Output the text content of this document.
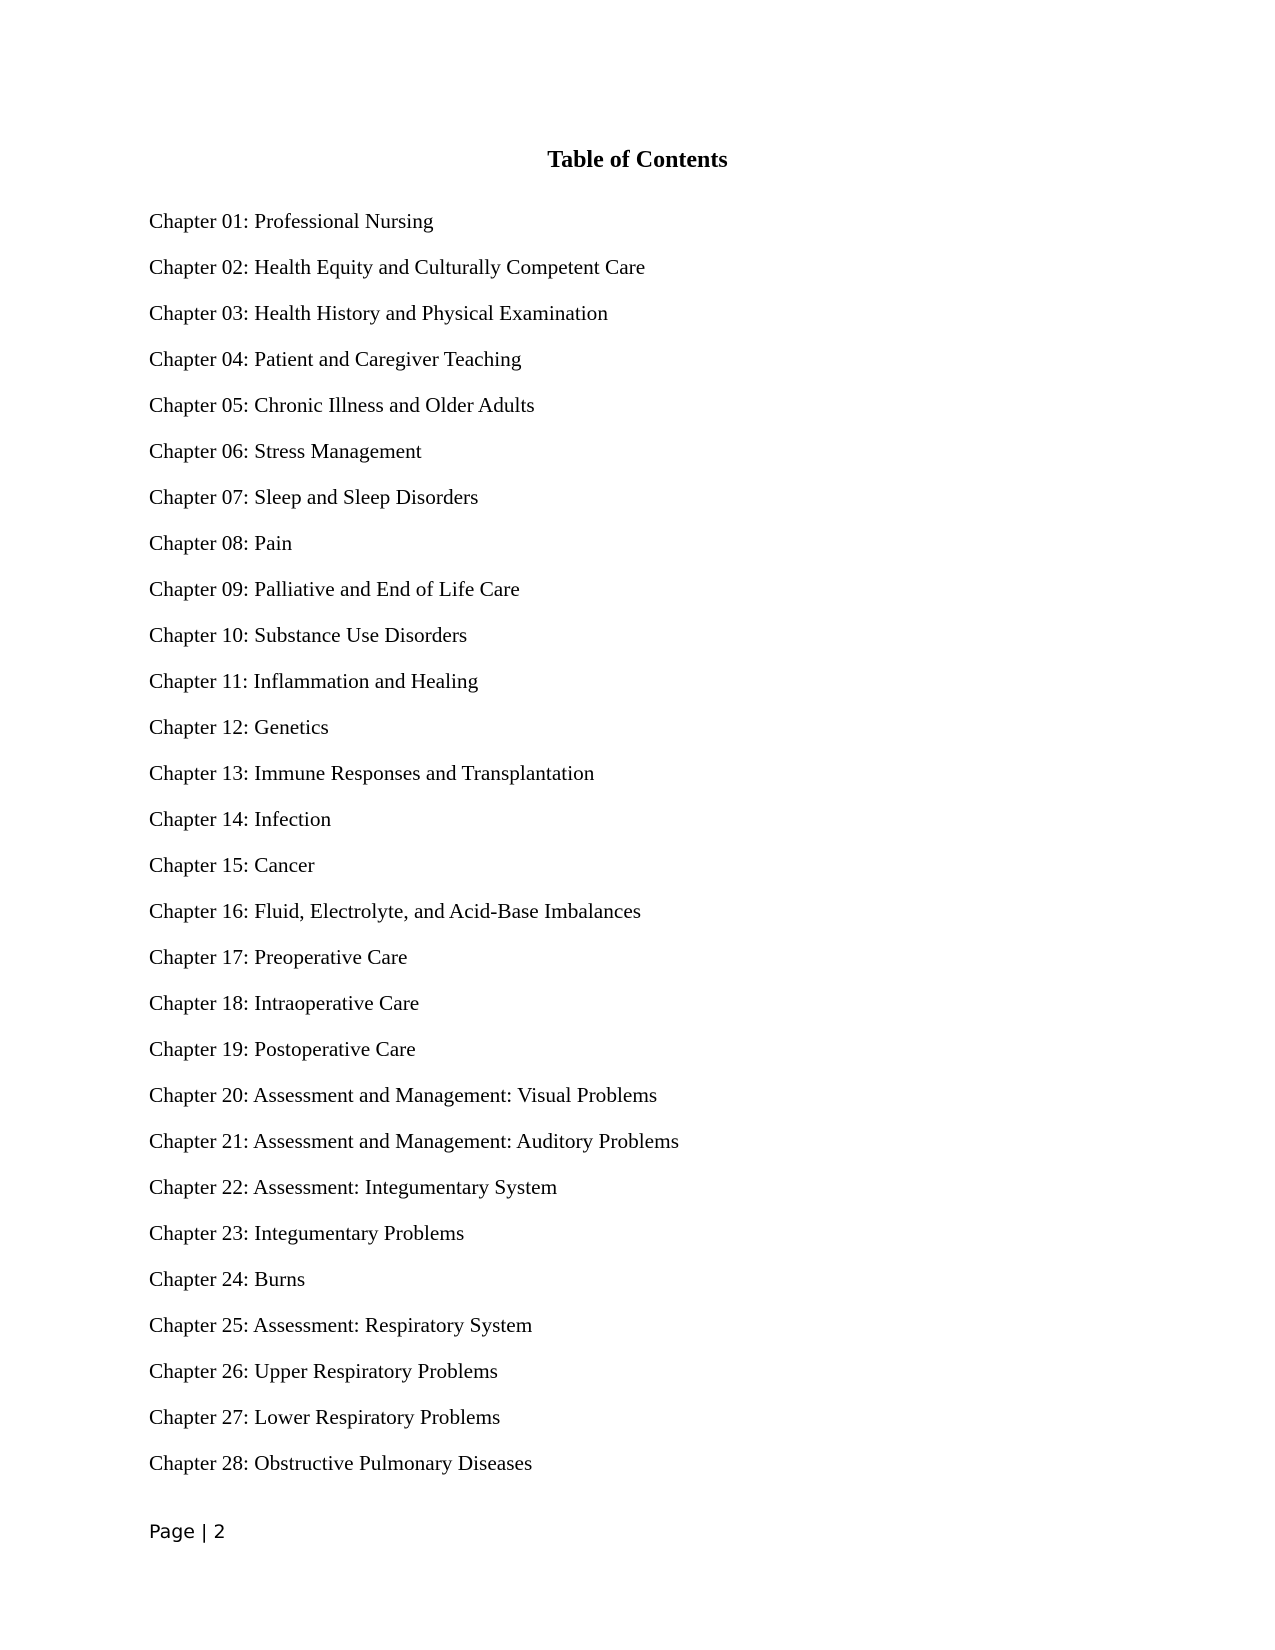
Table of Contents
Chapter 01: Professional Nursing
Chapter 02: Health Equity and Culturally Competent Care
Chapter 03: Health History and Physical Examination
Chapter 04: Patient and Caregiver Teaching
Chapter 05: Chronic Illness and Older Adults
Chapter 06: Stress Management
Chapter 07: Sleep and Sleep Disorders
Chapter 08: Pain
Chapter 09: Palliative and End of Life Care
Chapter 10: Substance Use Disorders
Chapter 11: Inflammation and Healing
Chapter 12: Genetics
Chapter 13: Immune Responses and Transplantation
Chapter 14: Infection
Chapter 15: Cancer
Chapter 16: Fluid, Electrolyte, and Acid-Base Imbalances
Chapter 17: Preoperative Care
Chapter 18: Intraoperative Care
Chapter 19: Postoperative Care
Chapter 20: Assessment and Management: Visual Problems
Chapter 21: Assessment and Management: Auditory Problems
Chapter 22: Assessment: Integumentary System
Chapter 23: Integumentary Problems
Chapter 24: Burns
Chapter 25: Assessment: Respiratory System
Chapter 26: Upper Respiratory Problems
Chapter 27: Lower Respiratory Problems
Chapter 28: Obstructive Pulmonary Diseases
Page | 2
